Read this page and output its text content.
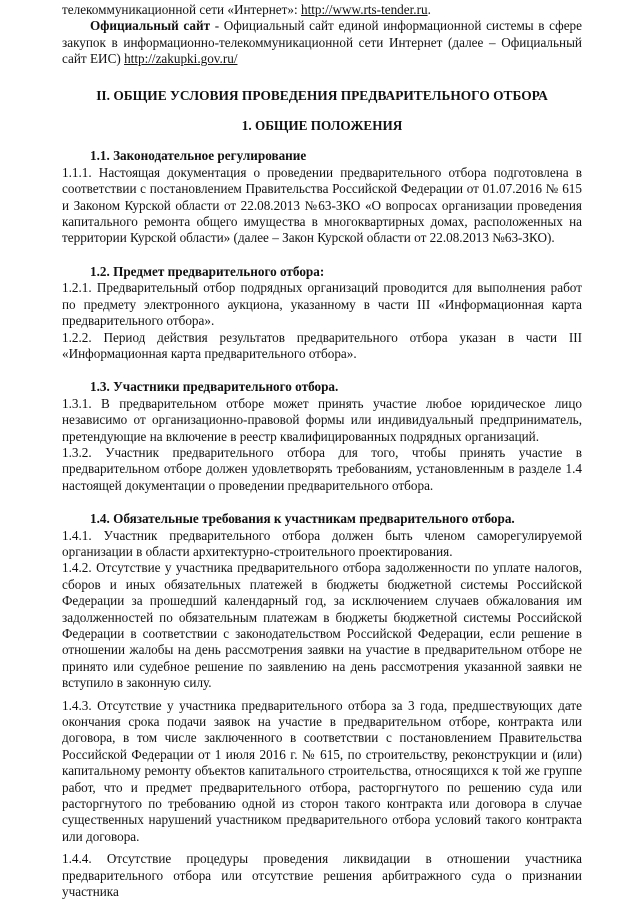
телекоммуникационной сети «Интернет»: http://www.rts-tender.ru.

Официальный сайт - Официальный сайт единой информационной системы в сфере закупок в информационно-телекоммуникационной сети Интернет (далее – Официальный сайт ЕИС) http://zakupki.gov.ru/

II. ОБЩИЕ УСЛОВИЯ ПРОВЕДЕНИЯ ПРЕДВАРИТЕЛЬНОГО ОТБОРА

1. ОБЩИЕ ПОЛОЖЕНИЯ

1.1. Законодательное регулирование

1.1.1. Настоящая документация о проведении предварительного отбора подготовлена в соответствии с постановлением Правительства Российской Федерации от 01.07.2016 № 615 и Законом Курской области от 22.08.2013 №63-ЗКО «О вопросах организации проведения капитального ремонта общего имущества в многоквартирных домах, расположенных на территории Курской области» (далее – Закон Курской области от 22.08.2013 №63-ЗКО).

1.2. Предмет предварительного отбора:

1.2.1. Предварительный отбор подрядных организаций проводится для выполнения работ по предмету электронного аукциона, указанному в части III «Информационная карта предварительного отбора».

1.2.2. Период действия результатов предварительного отбора указан в части III «Информационная карта предварительного отбора».

1.3. Участники предварительного отбора.

1.3.1. В предварительном отборе может принять участие любое юридическое лицо независимо от организационно-правовой формы или индивидуальный предприниматель, претендующие на включение в реестр квалифицированных подрядных организаций.

1.3.2. Участник предварительного отбора для того, чтобы принять участие в предварительном отборе должен удовлетворять требованиям, установленным в разделе 1.4 настоящей документации о проведении предварительного отбора.

1.4. Обязательные требования к участникам предварительного отбора.

1.4.1. Участник предварительного отбора должен быть членом саморегулируемой организации в области архитектурно-строительного проектирования.

1.4.2. Отсутствие у участника предварительного отбора задолженности по уплате налогов, сборов и иных обязательных платежей в бюджеты бюджетной системы Российской Федерации за прошедший календарный год, за исключением случаев обжалования им задолженностей по обязательным платежам в бюджеты бюджетной системы Российской Федерации в соответствии с законодательством Российской Федерации, если решение в отношении жалобы на день рассмотрения заявки на участие в предварительном отборе не принято или судебное решение по заявлению на день рассмотрения указанной заявки не вступило в законную силу.

1.4.3. Отсутствие у участника предварительного отбора за 3 года, предшествующих дате окончания срока подачи заявок на участие в предварительном отборе, контракта или договора, в том числе заключенного в соответствии с постановлением Правительства Российской Федерации от 1 июля 2016 г. № 615, по строительству, реконструкции и (или) капитальному ремонту объектов капитального строительства, относящихся к той же группе работ, что и предмет предварительного отбора, расторгнутого по решению суда или расторгнутого по требованию одной из сторон такого контракта или договора в случае существенных нарушений участником предварительного отбора условий такого контракта или договора.

1.4.4. Отсутствие процедуры проведения ликвидации в отношении участника предварительного отбора или отсутствие решения арбитражного суда о признании участника
